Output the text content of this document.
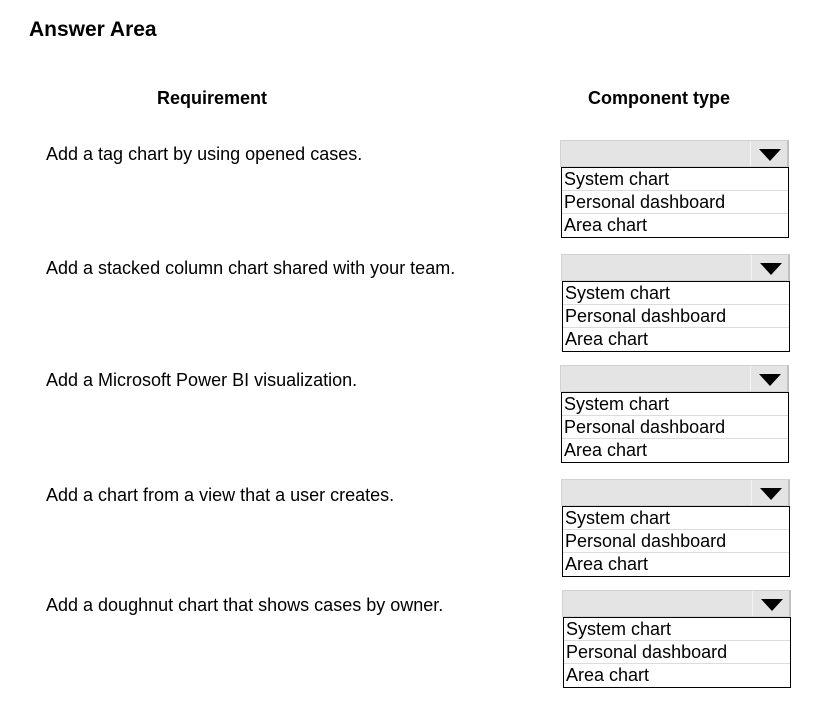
Answer Area
Requirement	Component type
Add a tag chart by using opened cases.
System chart
Personal dashboard
Area chart
Add a stacked column chart shared with your team.
System chart
Personal dashboard
Area chart
Add a Microsoft Power BI visualization.
System chart
Personal dashboard
Area chart
Add a chart from a view that a user creates.
System chart
Personal dashboard
Area chart
Add a doughnut chart that shows cases by owner.
System chart
Personal dashboard
Area chart
